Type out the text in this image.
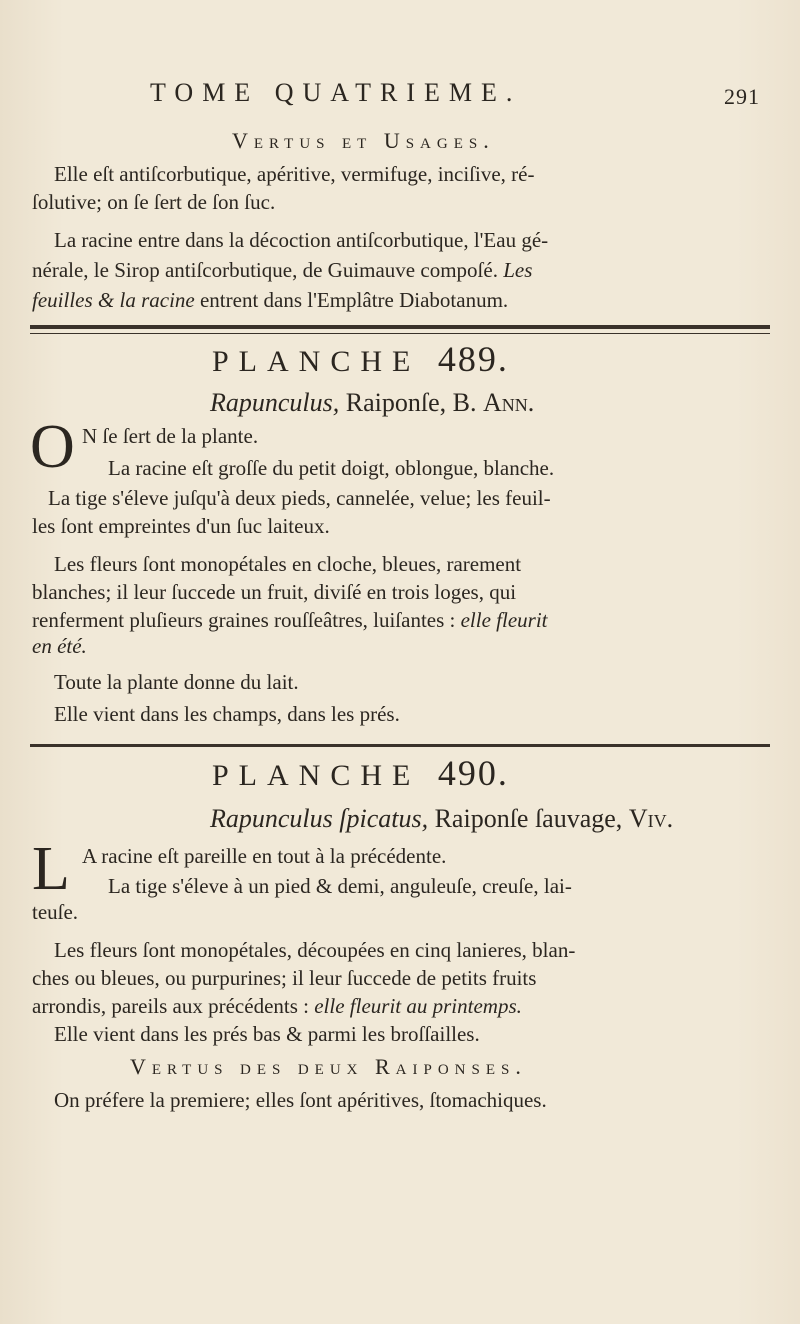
TOME QUATRIEME.	291
Vertus et Usages.
Elle eſt antiſcorbutique, apéritive, vermifuge, inciſive, ré-
ſolutive; on ſe ſert de ſon ſuc.
La racine entre dans la décoction antiſcorbutique, l'Eau gé-
nérale, le Sirop antiſcorbutique, de Guimauve compoſé. Les
feuilles & la racine entrent dans l'Emplâtre Diabotanum.
PLANCHE 489.
Rapunculus, Raiponſe, B. Ann.
O N ſe ſert de la plante.
La racine eſt groſſe du petit doigt, oblongue, blanche.
La tige s'éleve juſqu'à deux pieds, cannelée, velue; les feuil-
les ſont empreintes d'un ſuc laiteux.
Les fleurs ſont monopétales en cloche, bleues, rarement
blanches; il leur ſuccede un fruit, diviſé en trois loges, qui
renferment pluſieurs graines rouſſeâtres, luiſantes : elle fleurit
en été.
Toute la plante donne du lait.
Elle vient dans les champs, dans les prés.
PLANCHE 490.
Rapunculus ſpicatus, Raiponſe ſauvage, Viv.
L A racine eſt pareille en tout à la précédente.
La tige s'éleve à un pied & demi, anguleuſe, creuſe, lai-
teuſe.
Les fleurs ſont monopétales, découpées en cinq lanieres, blan-
ches ou bleues, ou purpurines; il leur ſuccede de petits fruits
arrondis, pareils aux précédents : elle fleurit au printemps.
Elle vient dans les prés bas & parmi les broſſailles.
Vertus des deux Raiponses.
On préfere la premiere; elles ſont apéritives, ſtomachiques.
